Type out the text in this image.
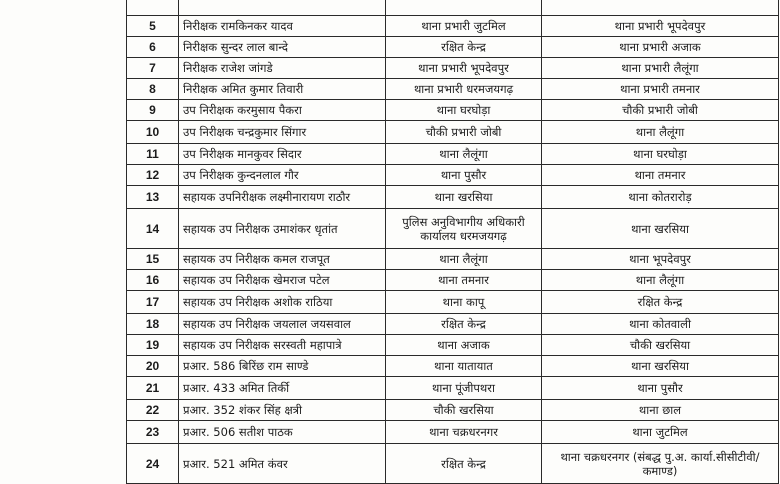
5	निरीक्षक रामकिनकर यादव	थाना प्रभारी जुटमिल	थाना प्रभारी भूपदेवपुर
6	निरीक्षक सुन्दर लाल बान्दे	रक्षित केन्द्र	थाना प्रभारी अजाक
7	निरीक्षक राजेश जांगडे	थाना प्रभारी भूपदेवपुर	थाना प्रभारी लैलूंगा
8	निरीक्षक अमित कुमार तिवारी	थाना प्रभारी धरमजयगढ़	थाना प्रभारी तमनार
9	उप निरीक्षक करमुसाय पैकरा	थाना घरघोड़ा	चौकी प्रभारी जोबी
10	उप निरीक्षक चन्द्रकुमार सिंगार	चौकी प्रभारी जोबी	थाना लैलूंगा
11	उप निरीक्षक मानकुवर सिदार	थाना लैलूंगा	थाना घरघोड़ा
12	उप निरीक्षक कुन्दनलाल गौर	थाना पुसौर	थाना तमनार
13	सहायक उपनिरीक्षक लक्ष्मीनारायण राठौर	थाना खरसिया	थाना कोतरारोड़
14	सहायक उप निरीक्षक उमाशंकर धृतांत	पुलिस अनुविभागीय अधिकारी कार्यालय धरमजयगढ़	थाना खरसिया
15	सहायक उप निरीक्षक कमल राजपूत	थाना लैलूंगा	थाना भूपदेवपुर
16	सहायक उप निरीक्षक खेमराज पटेल	थाना तमनार	थाना लैलूंगा
17	सहायक उप निरीक्षक अशोक राठिया	थाना कापू	रक्षित केन्द्र
18	सहायक उप निरीक्षक जयलाल जयसवाल	रक्षित केन्द्र	थाना कोतवाली
19	सहायक उप निरीक्षक सरस्वती महापात्रे	थाना अजाक	चौकी खरसिया
20	प्रआर. 586 बिरिंछ राम साण्डे	थाना यातायात	थाना खरसिया
21	प्रआर. 433 अमित तिर्की	थाना पूंजीपथरा	थाना पुसौर
22	प्रआर. 352 शंकर सिंह क्षत्री	चौकी खरसिया	थाना छाल
23	प्रआर. 506 सतीश पाठक	थाना चक्रधरनगर	थाना जुटमिल
24	प्रआर. 521 अमित कंवर	रक्षित केन्द्र	थाना चक्रधरनगर (संबद्ध पु.अ. कार्या.सीसीटीवी/कमाण्ड)
